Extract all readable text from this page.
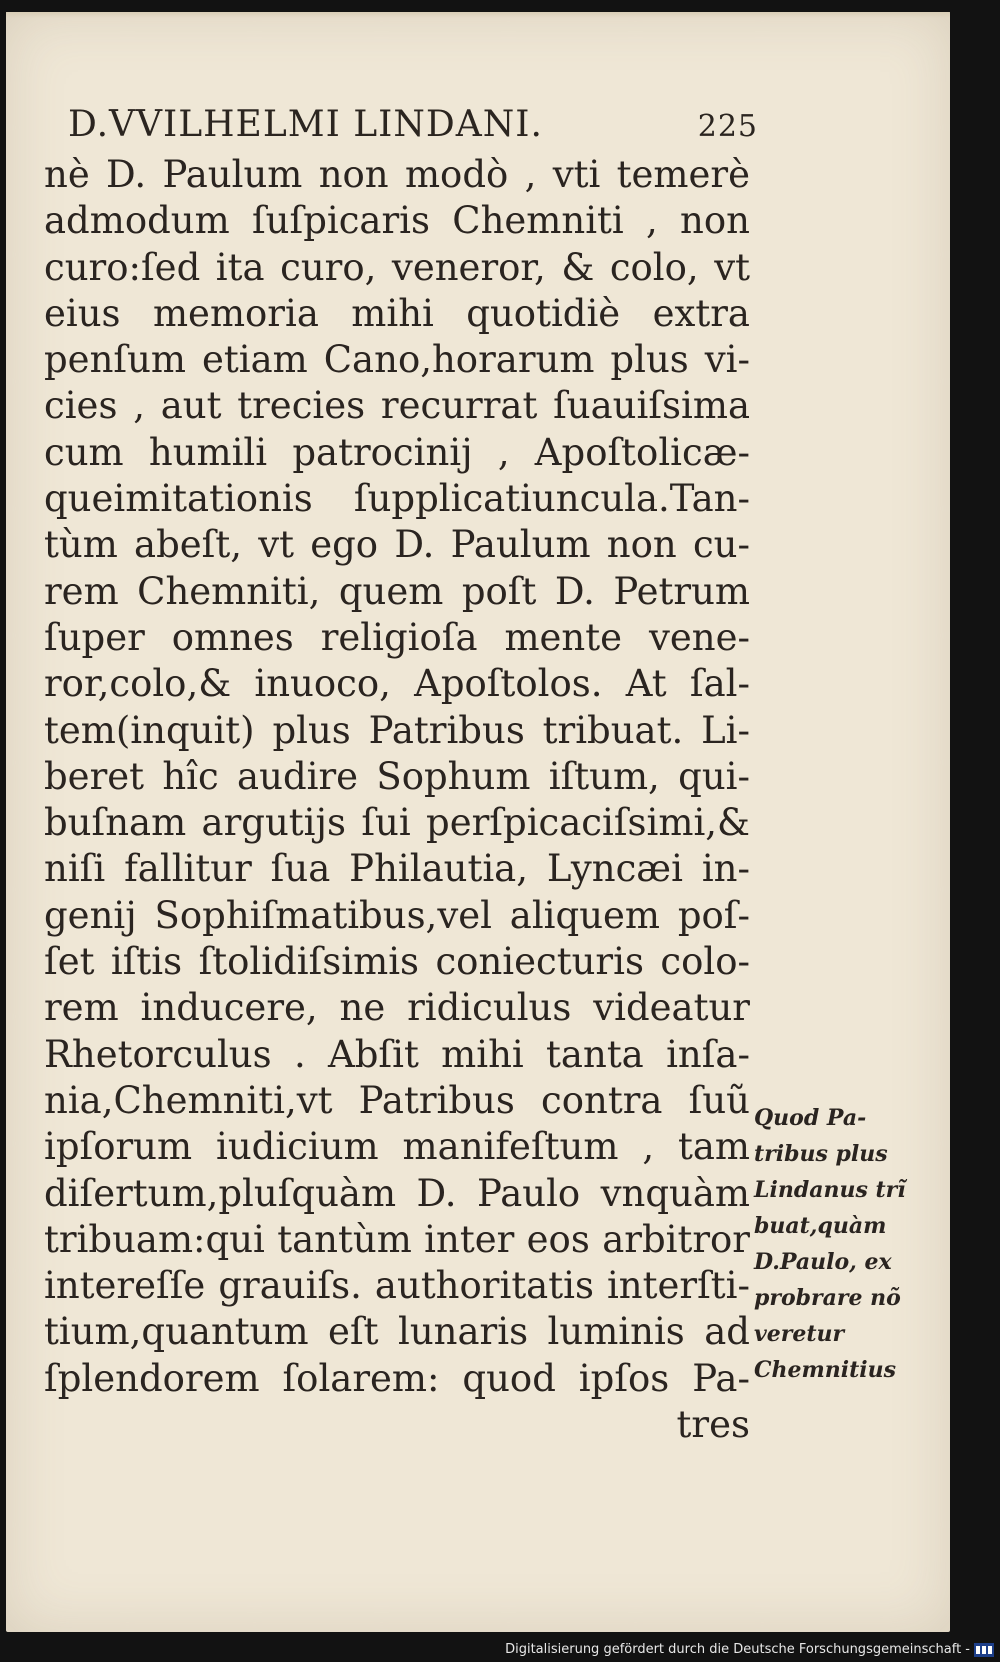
D.VVILHELMI LINDANI.	225
nè D. Paulum non modò , vti temerè
admodum ſuſpicaris Chemniti , non
curo:ſed ita curo, veneror, & colo, vt
eius memoria mihi quotidiè extra
penſum etiam Cano,horarum plus vi-
cies , aut trecies recurrat ſuauiſsima
cum humili patrocinij , Apoſtolicæ-
queimitationis ſupplicatiuncula.Tan-
tùm abeſt, vt ego D. Paulum non cu-
rem Chemniti, quem poſt D. Petrum
ſuper omnes religioſa mente vene-
ror,colo,& inuoco, Apoſtolos. At ſal-
tem(inquit) plus Patribus tribuat. Li-
beret hîc audire Sophum iſtum, qui-
buſnam argutijs ſui perſpicaciſsimi,&
niſi fallitur ſua Philautia, Lyncæi in-
genij Sophiſmatibus,vel aliquem poſ-
ſet iſtis ſtolidiſsimis coniecturis colo-
rem inducere, ne ridiculus videatur
Rhetorculus . Abſit mihi tanta inſa-
nia,Chemniti,vt Patribus contra ſuũ
ipſorum iudicium manifeſtum , tam
diſertum,pluſquàm D. Paulo vnquàm
tribuam:qui tantùm inter eos arbitror
intereſſe grauiſs. authoritatis interſti-
tium,quantum eſt lunaris luminis ad
ſplendorem ſolarem: quod ipſos Pa-
tres
Quod Pa-
tribus plus
Lindanus trĩ
buat,quàm
D.Paulo, ex
probrare nõ
veretur
Chemnitius
Digitalisierung gefördert durch die Deutsche Forschungsgemeinschaft -
